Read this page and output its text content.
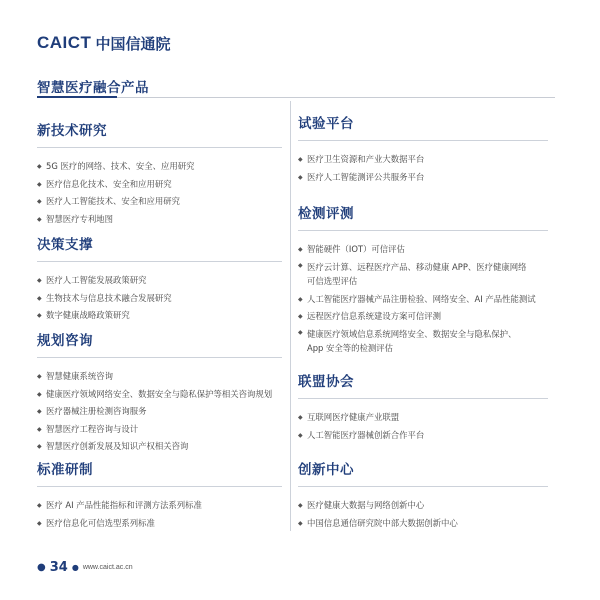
CAICT 中国信通院
智慧医疗融合产品
新技术研究
◆ 5G 医疗的网络、技术、安全、应用研究
◆ 医疗信息化技术、安全和应用研究
◆ 医疗人工智能技术、安全和应用研究
◆ 智慧医疗专利地图
决策支撑
◆ 医疗人工智能发展政策研究
◆ 生物技术与信息技术融合发展研究
◆ 数字健康战略政策研究
规划咨询
◆ 智慧健康系统咨询
◆ 健康医疗领域网络安全、数据安全与隐私保护等相关咨询规划
◆ 医疗器械注册检测咨询服务
◆ 智慧医疗工程咨询与设计
◆ 智慧医疗创新发展及知识产权相关咨询
标准研制
◆ 医疗 AI 产品性能指标和评测方法系列标准
◆ 医疗信息化可信选型系列标准
试验平台
◆ 医疗卫生资源和产业大数据平台
◆ 医疗人工智能测评公共服务平台
检测评测
◆ 智能硬件（IOT）可信评估
◆ 医疗云计算、远程医疗产品、移动健康 APP、医疗健康网络
可信选型评估
◆ 人工智能医疗器械产品注册检验、网络安全、AI 产品性能测试
◆ 远程医疗信息系统建设方案可信评测
◆ 健康医疗领域信息系统网络安全、数据安全与隐私保护、
App 安全等的检测评估
联盟协会
◆ 互联网医疗健康产业联盟
◆ 人工智能医疗器械创新合作平台
创新中心
◆ 医疗健康大数据与网络创新中心
◆ 中国信息通信研究院中部大数据创新中心
● 34 ● www.caict.ac.cn
